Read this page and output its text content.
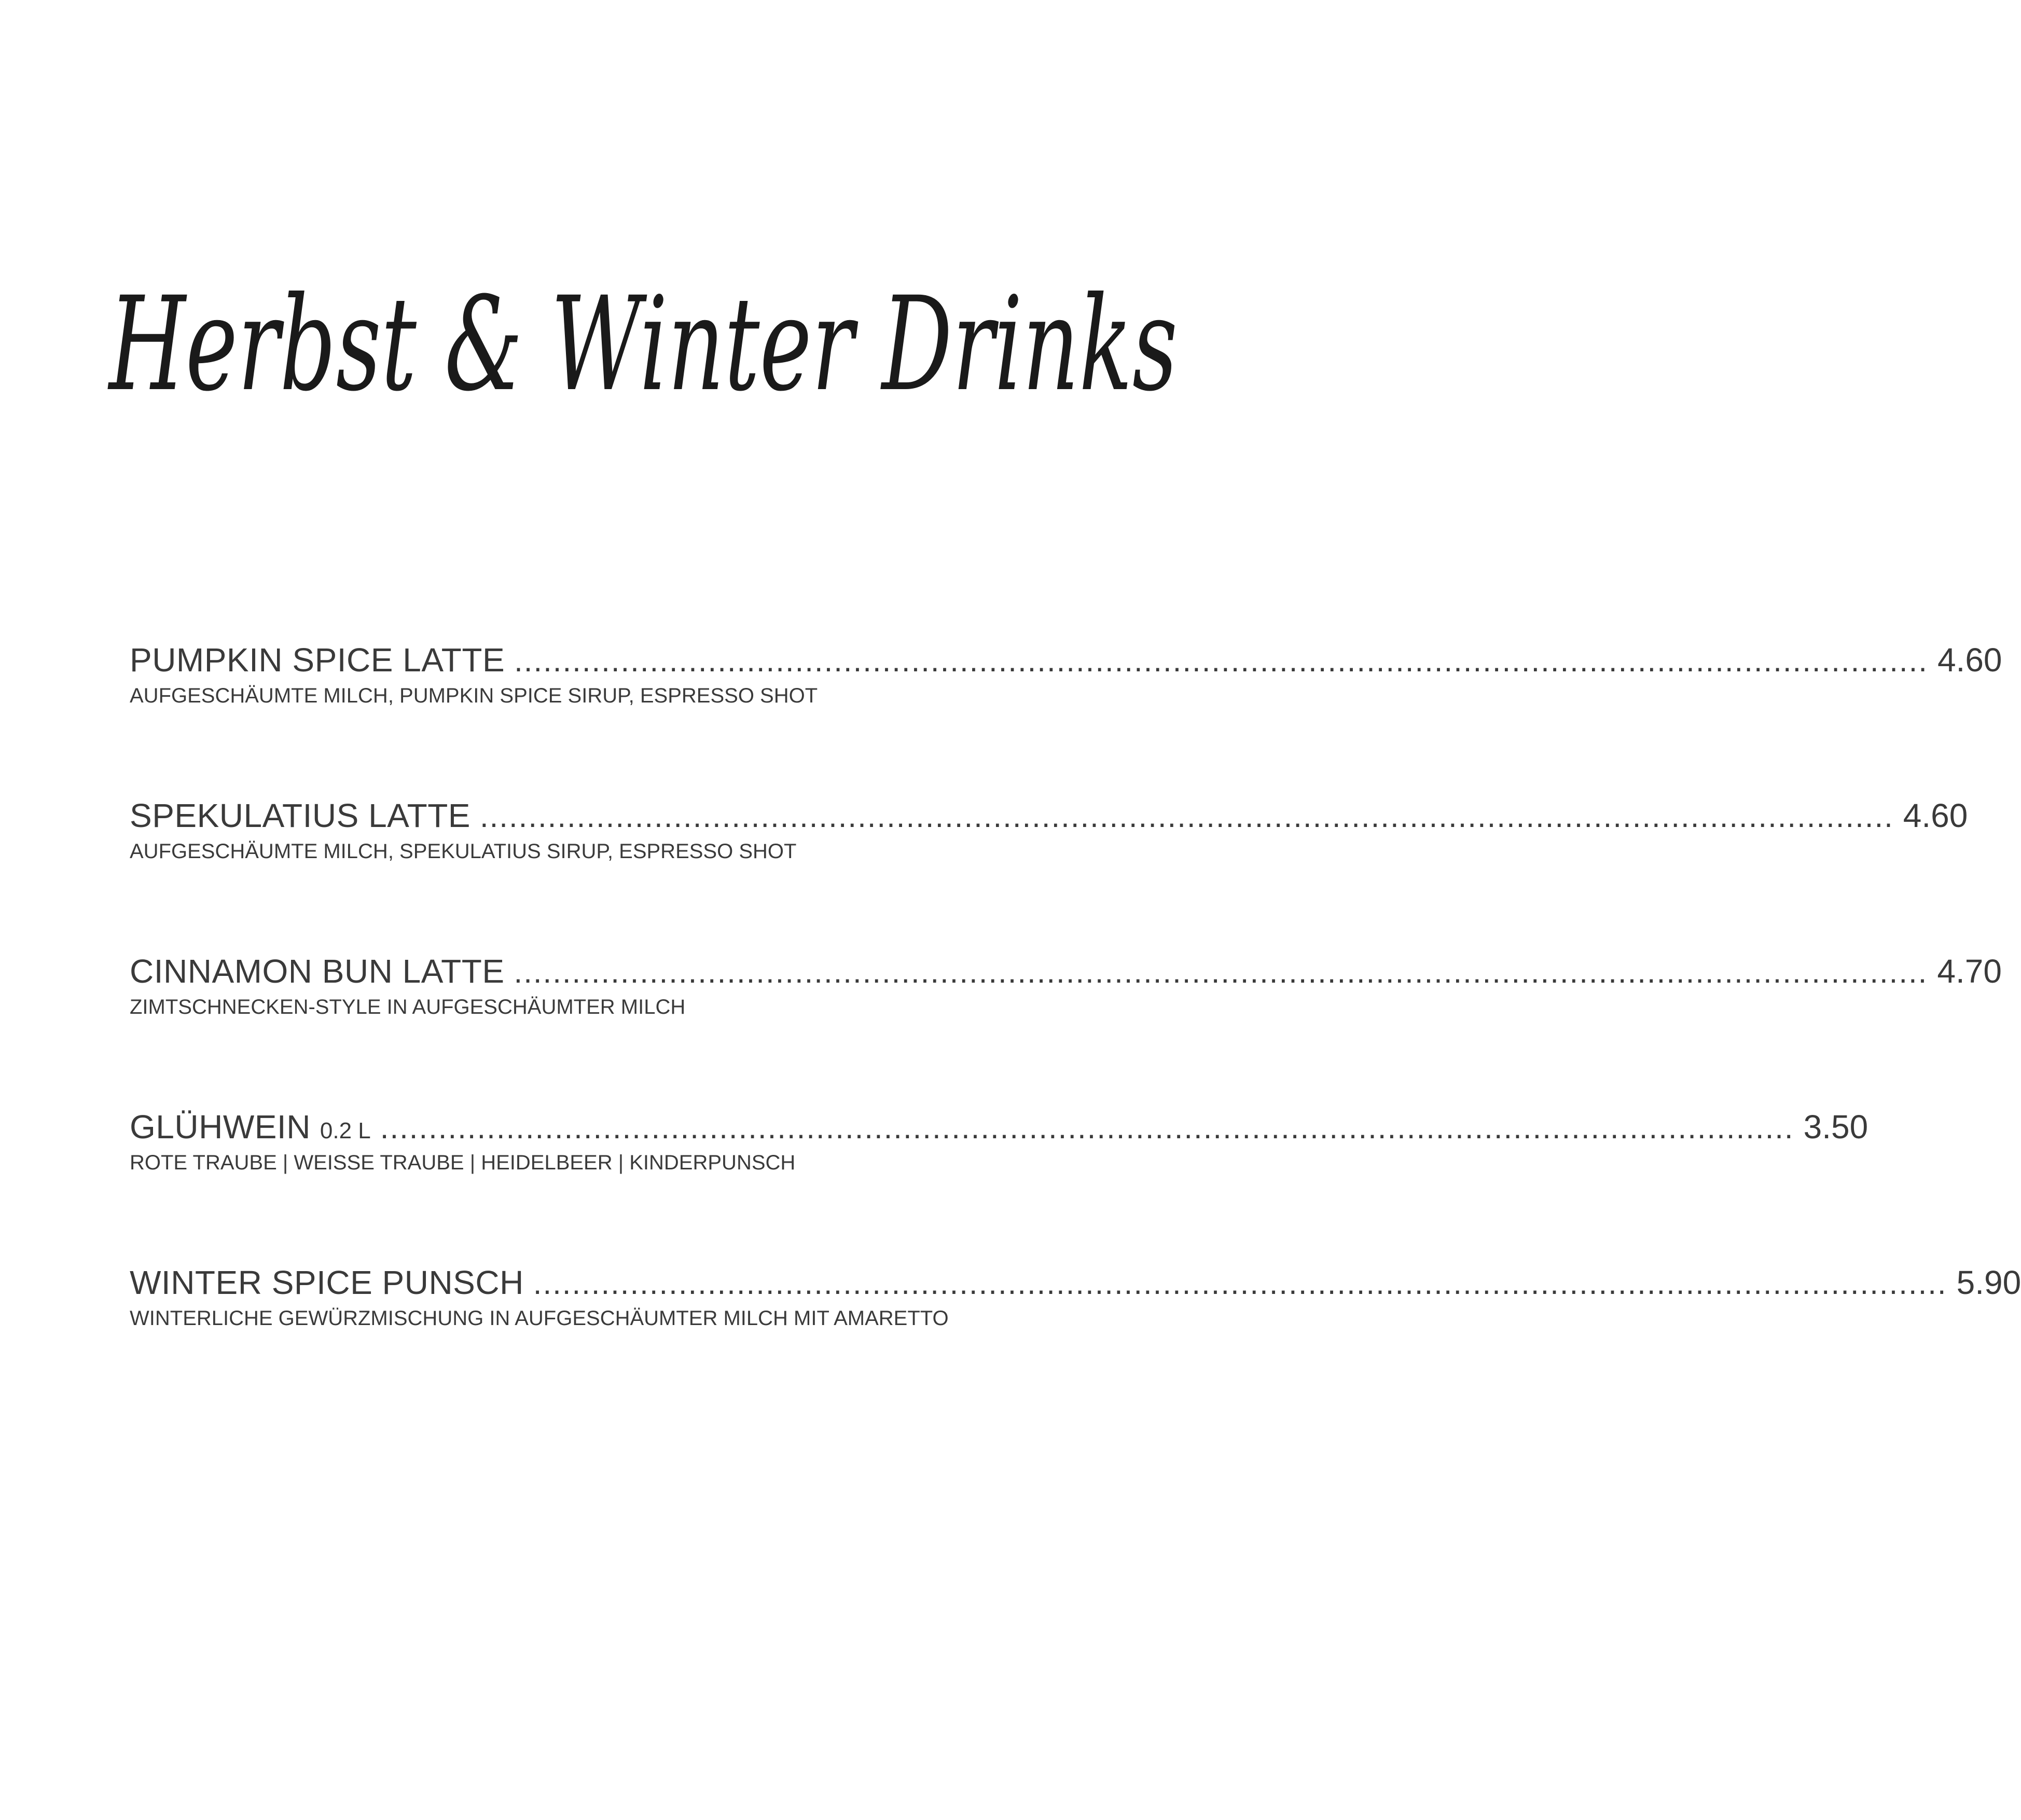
Herbst & Winter Drinks
PUMPKIN SPICE LATTE .................................................................................................................................................. 4.60
AUFGESCHÄUMTE MILCH, PUMPKIN SPICE SIRUP, ESPRESSO SHOT
SPEKULATIUS LATTE .................................................................................................................................................. 4.60
AUFGESCHÄUMTE MILCH, SPEKULATIUS SIRUP, ESPRESSO SHOT
CINNAMON BUN LATTE .................................................................................................................................................. 4.70
ZIMTSCHNECKEN-STYLE IN AUFGESCHÄUMTER MILCH
GLÜHWEIN 0.2 L .................................................................................................................................................. 3.50
ROTE TRAUBE | WEISSE TRAUBE | HEIDELBEER | KINDERPUNSCH
WINTER SPICE PUNSCH .................................................................................................................................................. 5.90
WINTERLICHE GEWÜRZMISCHUNG IN AUFGESCHÄUMTER MILCH MIT AMARETTO
